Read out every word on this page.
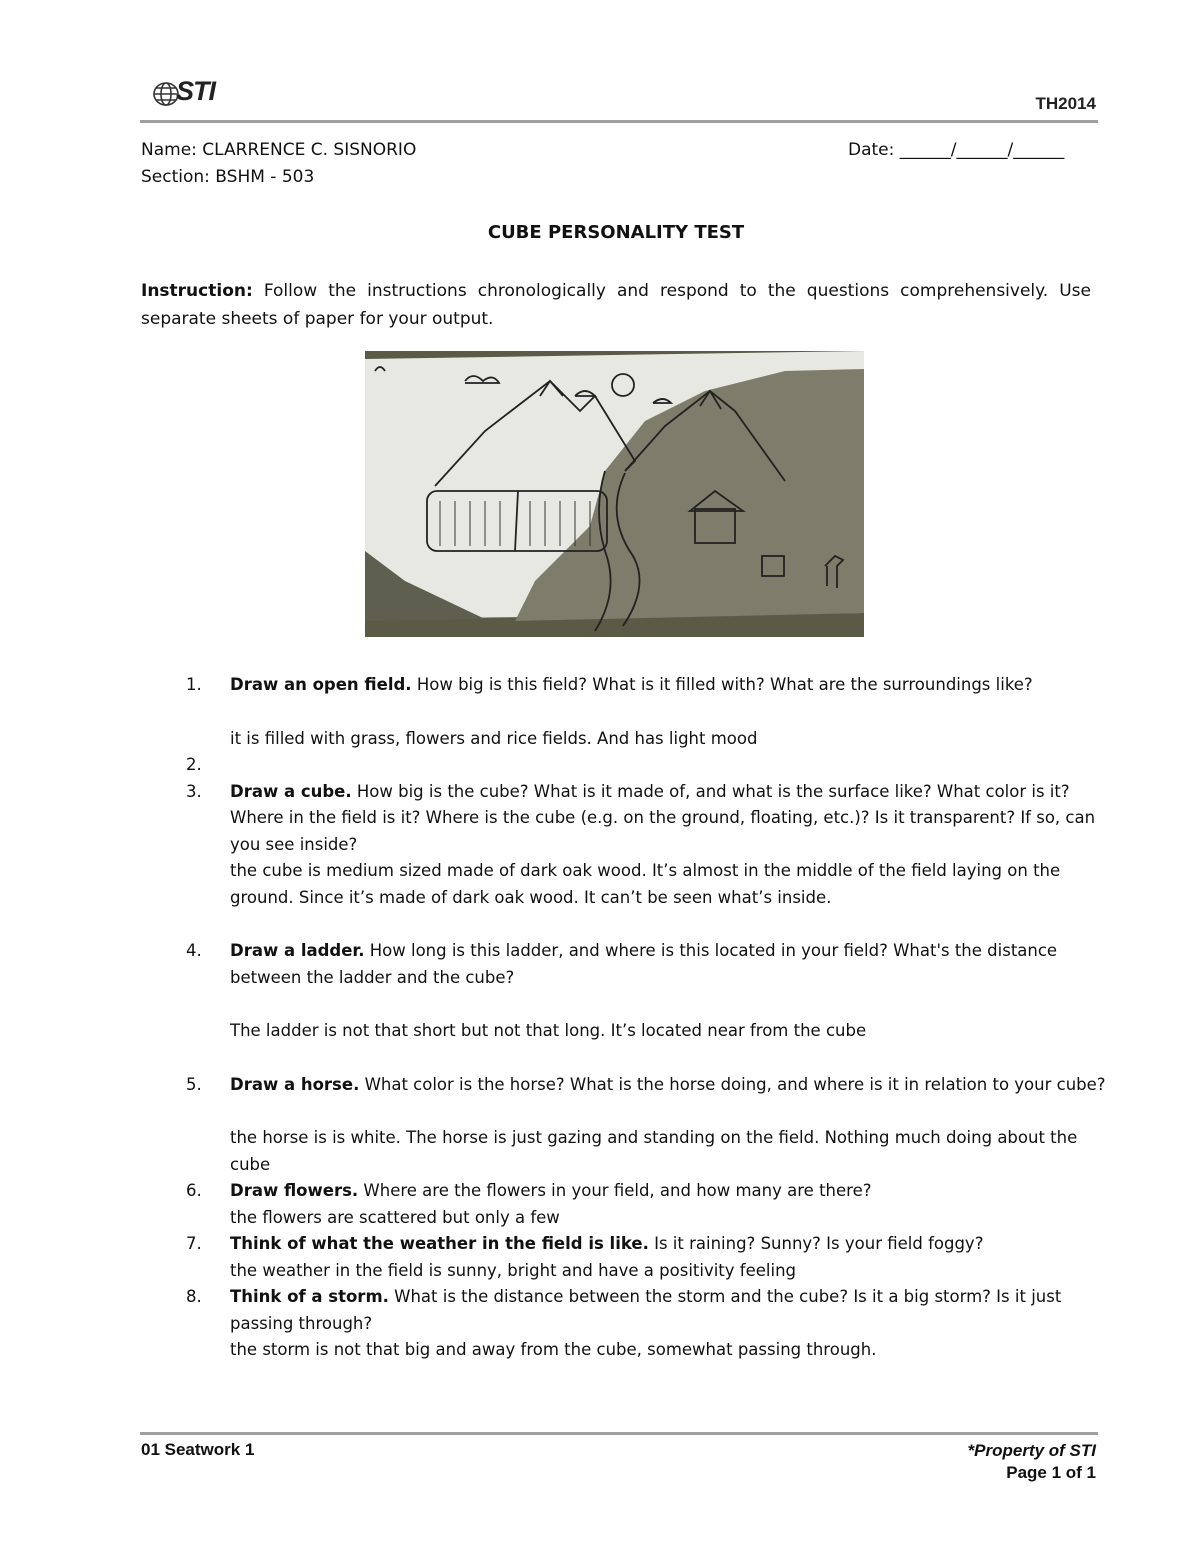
STI	TH2014
Name: CLARRENCE C. SISNORIO
Section: BSHM - 503
Date: ______/______/______
CUBE PERSONALITY TEST
Instruction: Follow the instructions chronologically and respond to the questions comprehensively. Use separate sheets of paper for your output.
1. Draw an open field. How big is this field? What is it filled with? What are the surroundings like?
it is filled with grass, flowers and rice fields. And has light mood
2.

3. Draw a cube. How big is the cube? What is it made of, and what is the surface like? What color is it? Where in the field is it? Where is the cube (e.g. on the ground, floating, etc.)? Is it transparent? If so, can you see inside?
the cube is medium sized made of dark oak wood. It’s almost in the middle of the field laying on the ground. Since it’s made of dark oak wood. It can’t be seen what’s inside.
4. Draw a ladder. How long is this ladder, and where is this located in your field? What's the distance between the ladder and the cube?
The ladder is not that short but not that long. It’s located near from the cube
5. Draw a horse. What color is the horse? What is the horse doing, and where is it in relation to your cube?
the horse is is white. The horse is just gazing and standing on the field. Nothing much doing about the cube
6. Draw flowers. Where are the flowers in your field, and how many are there?
the flowers are scattered but only a few
7. Think of what the weather in the field is like. Is it raining? Sunny? Is your field foggy?
the weather in the field is sunny, bright and have a positivity feeling
8. Think of a storm. What is the distance between the storm and the cube? Is it a big storm? Is it just passing through?
the storm is not that big and away from the cube, somewhat passing through.
01 Seatwork 1	*Property of STI
Page 1 of 1
